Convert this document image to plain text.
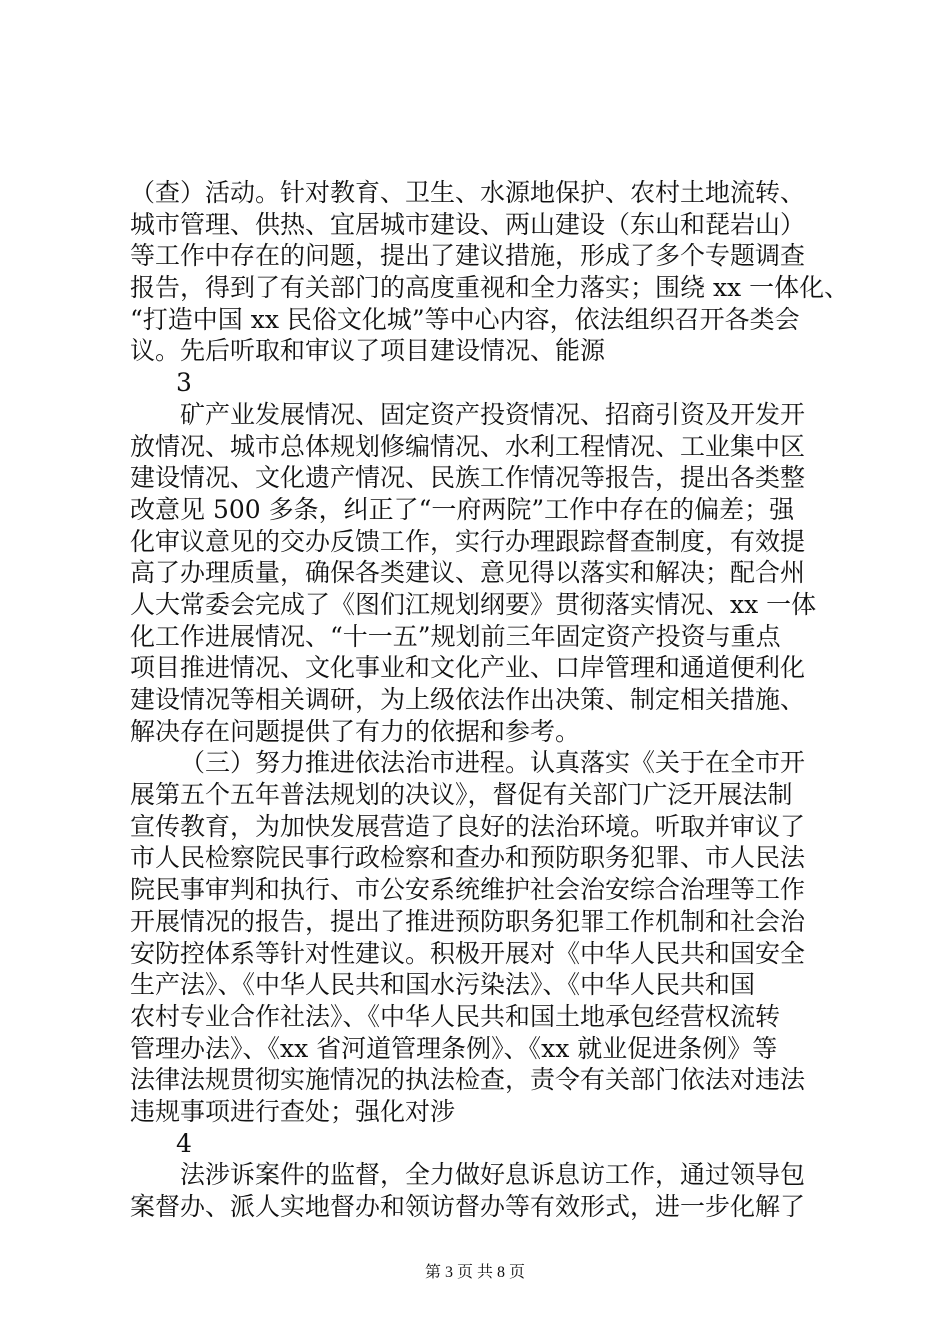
（查）活动。针对教育、卫生、水源地保护、农村土地流转、
城市管理、供热、宜居城市建设、两山建设（东山和琵岩山）
等工作中存在的问题，提出了建议措施，形成了多个专题调查
报告，得到了有关部门的高度重视和全力落实；围绕 xx 一体化、
“打造中国 xx 民俗文化城”等中心内容，依法组织召开各类会
议。先后听取和审议了项目建设情况、能源
3
矿产业发展情况、固定资产投资情况、招商引资及开发开
放情况、城市总体规划修编情况、水利工程情况、工业集中区
建设情况、文化遗产情况、民族工作情况等报告，提出各类整
改意见 500 多条，纠正了“一府两院”工作中存在的偏差；强
化审议意见的交办反馈工作，实行办理跟踪督查制度，有效提
高了办理质量，确保各类建议、意见得以落实和解决；配合州
人大常委会完成了《图们江规划纲要》贯彻落实情况、xx 一体
化工作进展情况、“十一五”规划前三年固定资产投资与重点
项目推进情况、文化事业和文化产业、口岸管理和通道便利化
建设情况等相关调研，为上级依法作出决策、制定相关措施、
解决存在问题提供了有力的依据和参考。
（三）努力推进依法治市进程。认真落实《关于在全市开
展第五个五年普法规划的决议》，督促有关部门广泛开展法制
宣传教育，为加快发展营造了良好的法治环境。听取并审议了
市人民检察院民事行政检察和查办和预防职务犯罪、市人民法
院民事审判和执行、市公安系统维护社会治安综合治理等工作
开展情况的报告，提出了推进预防职务犯罪工作机制和社会治
安防控体系等针对性建议。积极开展对《中华人民共和国安全
生产法》、《中华人民共和国水污染法》、《中华人民共和国
农村专业合作社法》、《中华人民共和国土地承包经营权流转
管理办法》、《xx 省河道管理条例》、《xx 就业促进条例》等
法律法规贯彻实施情况的执法检查，责令有关部门依法对违法
违规事项进行查处；强化对涉
4
法涉诉案件的监督，全力做好息诉息访工作，通过领导包
案督办、派人实地督办和领访督办等有效形式，进一步化解了
第 3 页 共 8 页
